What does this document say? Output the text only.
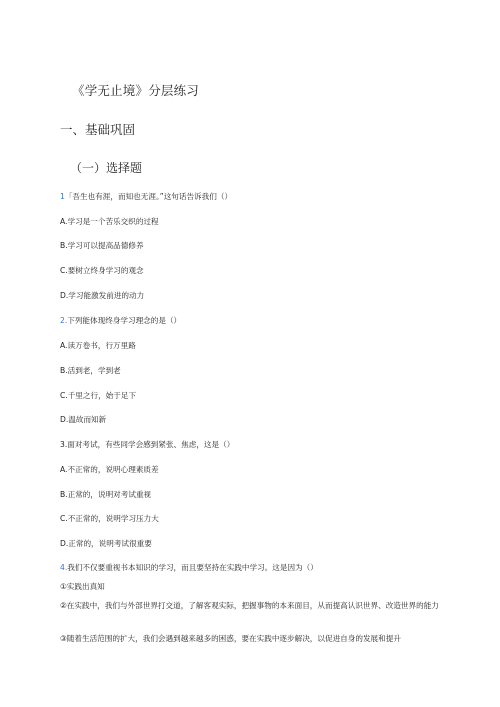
《学无止境》分层练习
一、基础巩固
（一）选择题
1「吾生也有涯，而知也无涯。”这句话告诉我们（）
A.学习是一个苦乐交织的过程
B.学习可以提高品德修养
C.要树立终身学习的观念
D.学习能激发前进的动力
2.下列能体现终身学习理念的是（）
A.读万卷书，行万里路
B.活到老，学到老
C.千里之行，始于足下
D.温故而知新
3.面对考试，有些同学会感到紧张、焦虑，这是（）
A.不正常的，说明心理素质差
B.正常的，说明对考试重视
C.不正常的，说明学习压力大
D.正常的，说明考试很重要
4.我们不仅要重视书本知识的学习，而且要坚持在实践中学习。这是因为（）
①实践出真知
②在实践中，我们与外部世界打交道，了解客观实际，把握事物的本来面目，从而提高认识世界、改造世界的能力
③随着生活范围的扩大，我们会遇到越来越多的困惑，要在实践中逐步解决，以促进自身的发展和提升
